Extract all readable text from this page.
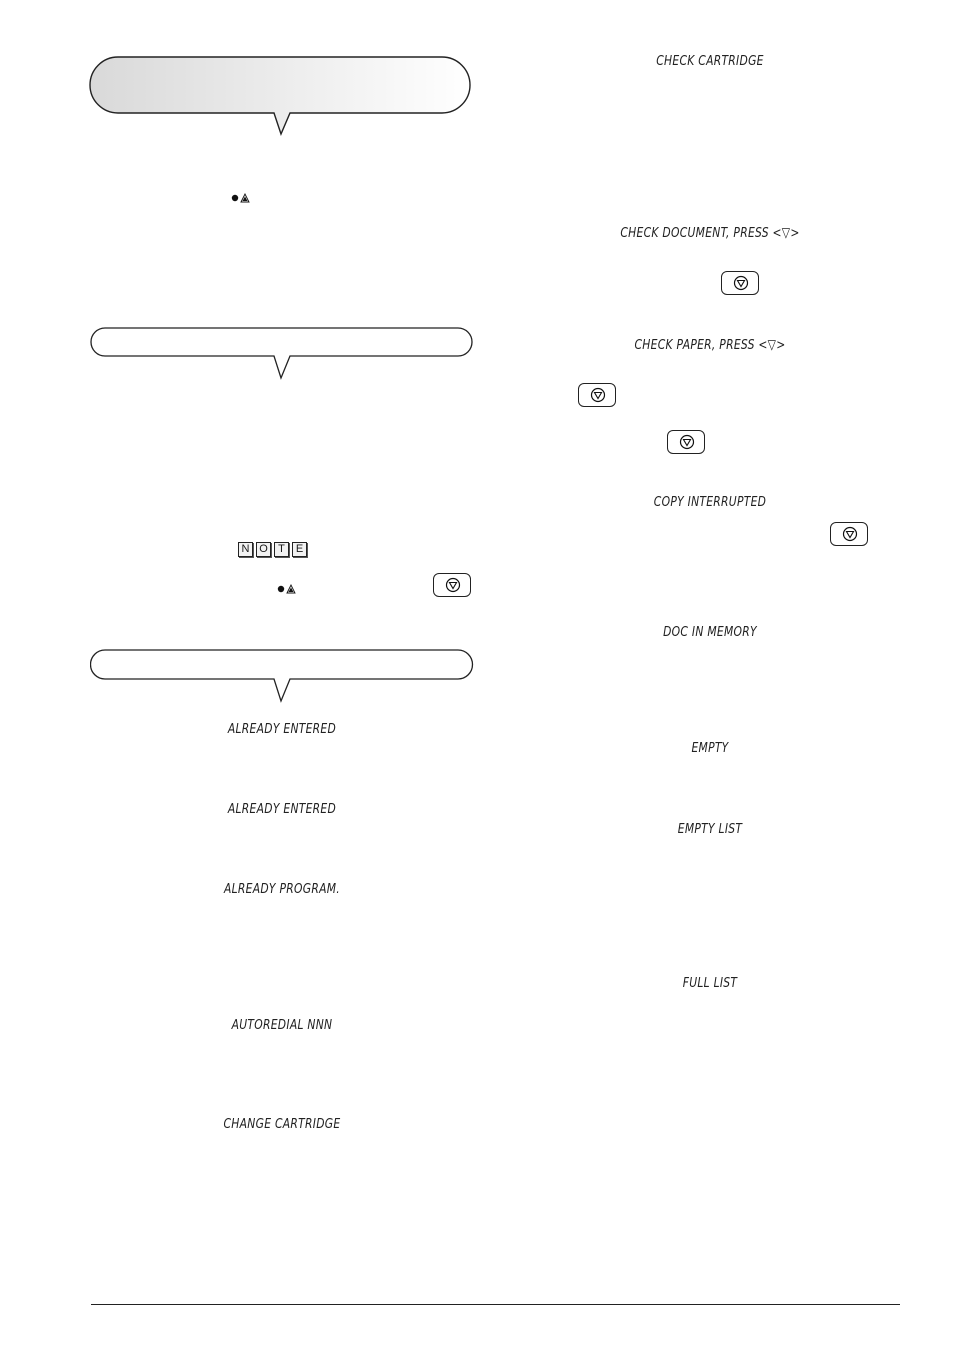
N O T E
ALREADY ENTERED
ALREADY ENTERED
ALREADY PROGRAM.
AUTOREDIAL NNN
CHANGE CARTRIDGE
CHECK CARTRIDGE
CHECK DOCUMENT, PRESS <▽>
CHECK PAPER, PRESS <▽>
COPY INTERRUPTED
DOC IN MEMORY
EMPTY
EMPTY LIST
FULL LIST
